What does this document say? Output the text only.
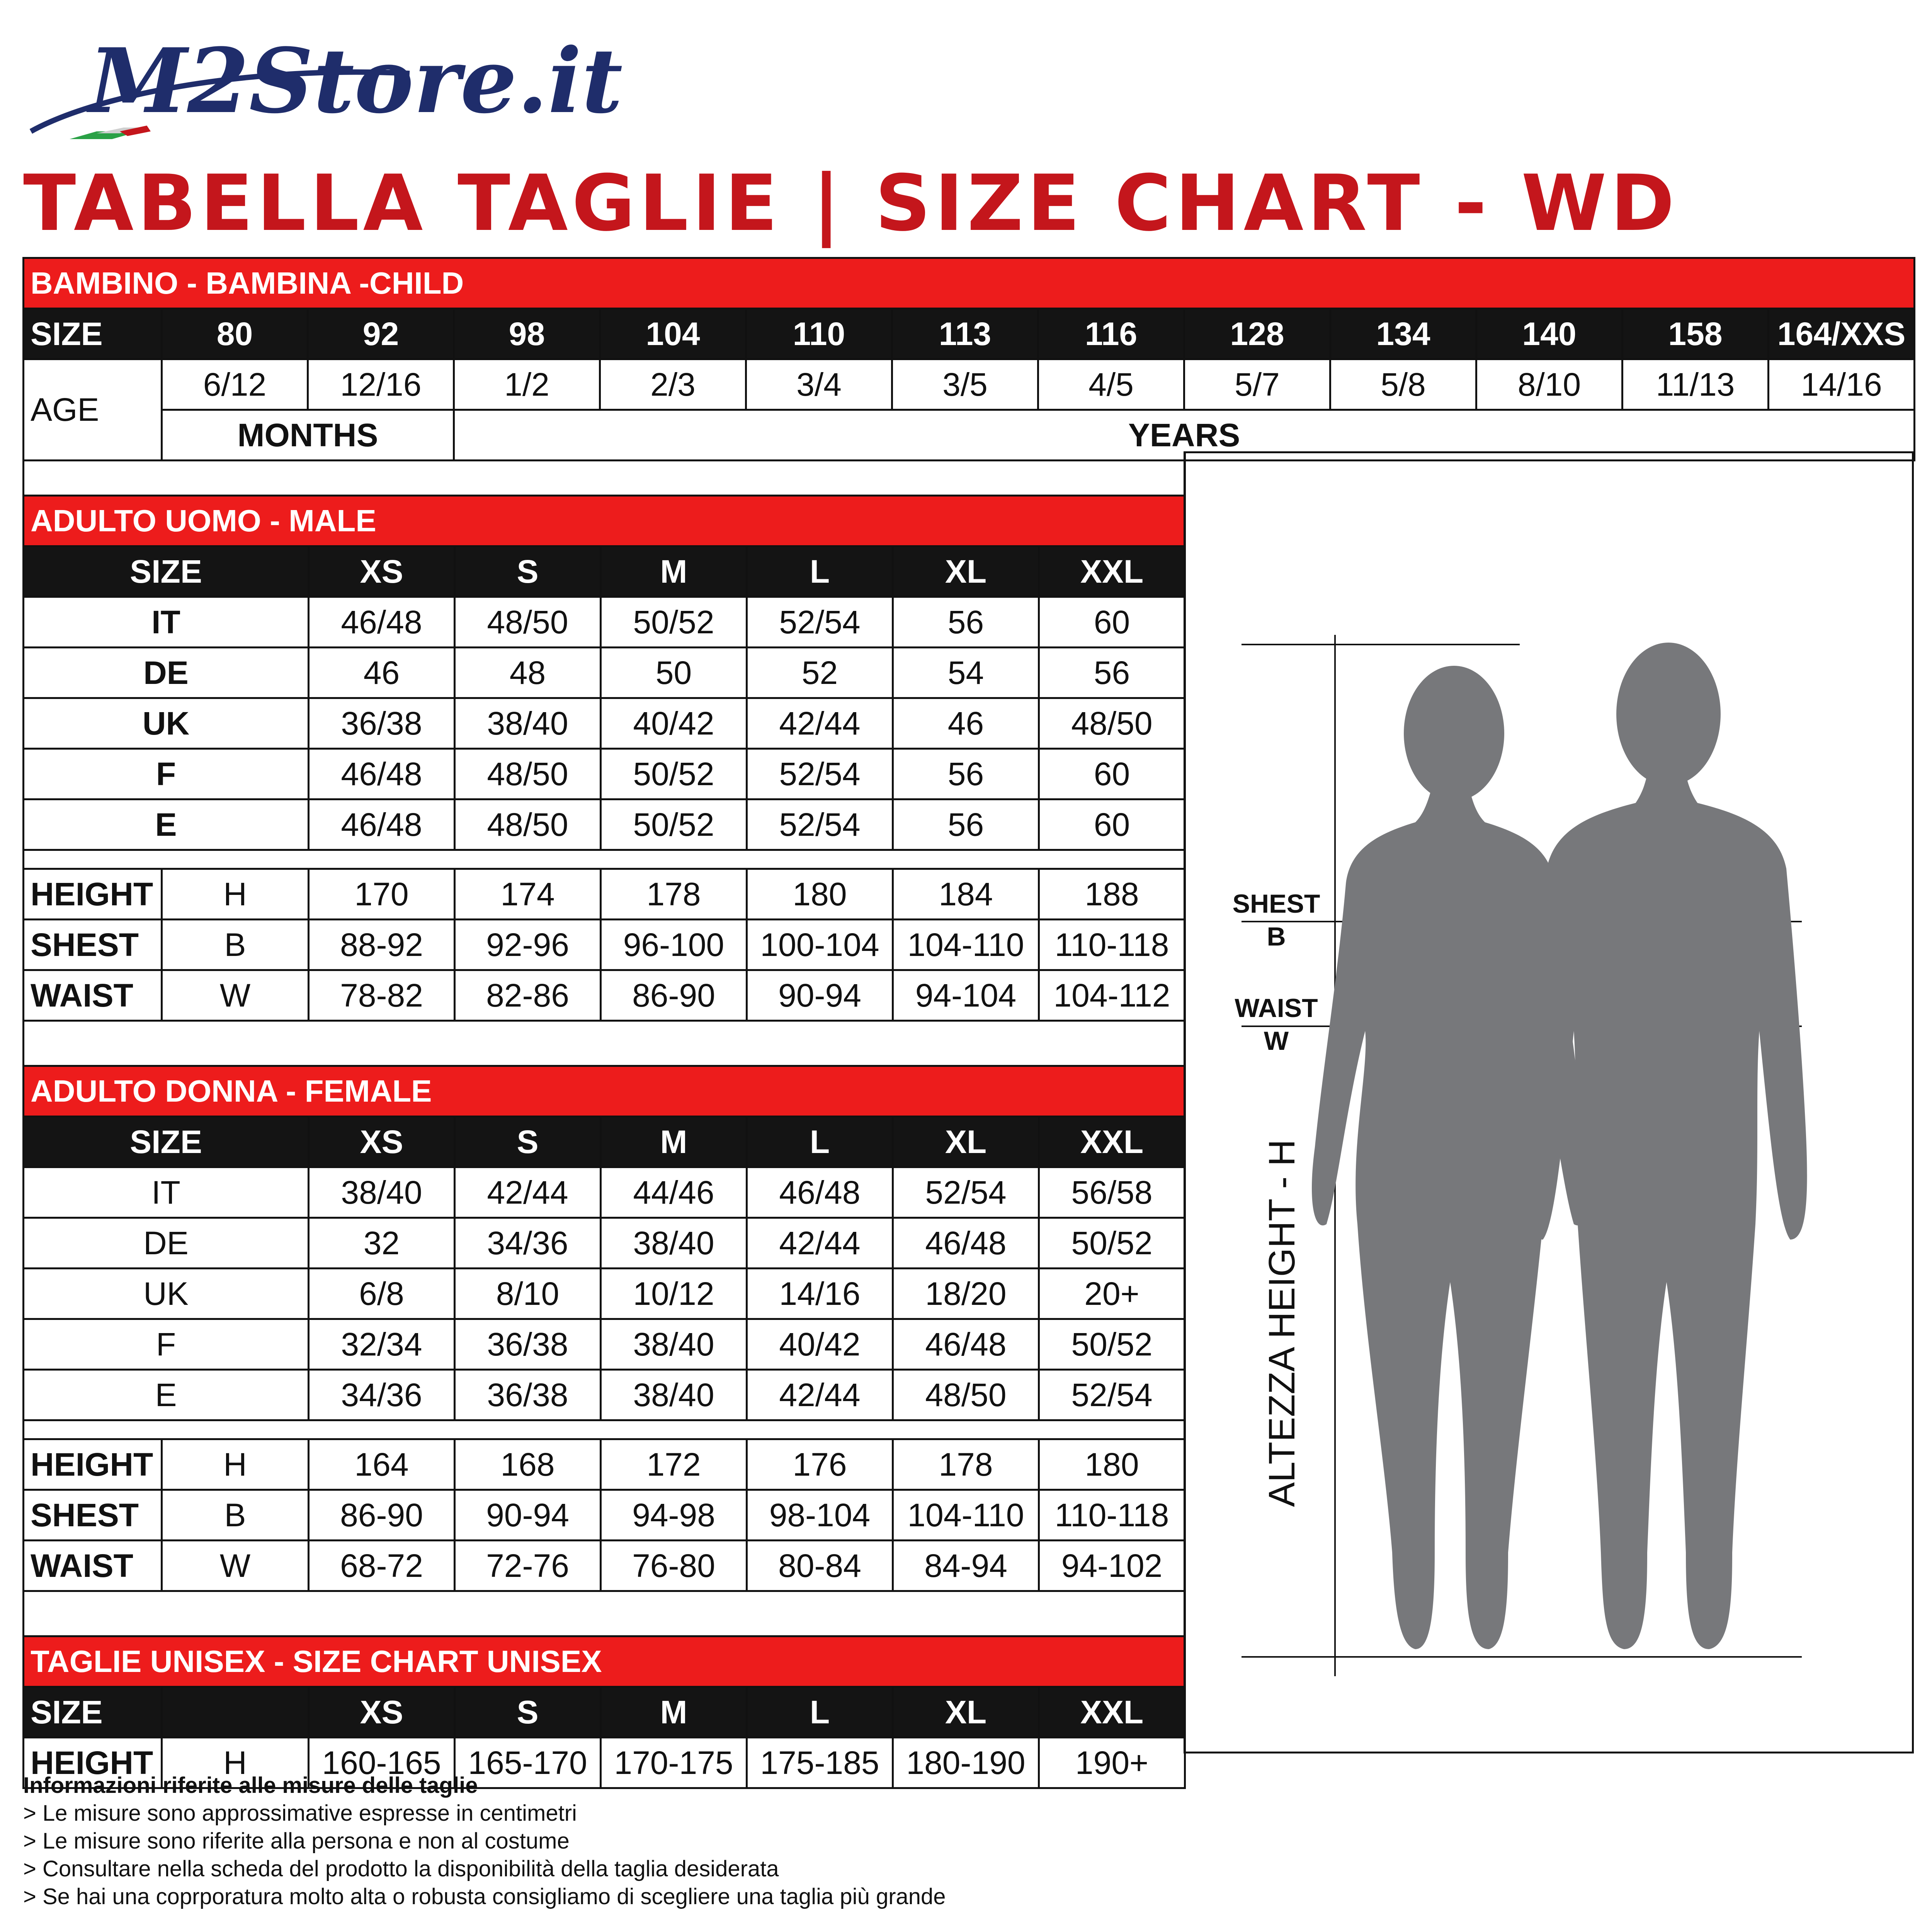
M2Store.it
TABELLA TAGLIE | SIZE CHART - WD
BAMBINO - BAMBINA -CHILD												
SIZE	80	92	98	104	110	113	116	128	134	140	158	164/XXS
AGE	6/12	12/16	1/2	2/3	3/4	3/5	4/5	5/7	5/8	8/10	11/13	14/16
	MONTHS		YEARS									

ADULTO UOMO - MALE							
SIZE		XS	S	M	L	XL	XXL
IT		46/48	48/50	50/52	52/54	56	60
DE		46	48	50	52	54	56
UK		36/38	38/40	40/42	42/44	46	48/50
F		46/48	48/50	50/52	52/54	56	60
E		46/48	48/50	50/52	52/54	56	60

HEIGHT	H	170	174	178	180	184	188
SHEST	B	88-92	92-96	96-100	100-104	104-110	110-118
WAIST	W	78-82	82-86	86-90	90-94	94-104	104-112

ADULTO DONNA - FEMALE							
SIZE		XS	S	M	L	XL	XXL
IT		38/40	42/44	44/46	46/48	52/54	56/58
DE		32	34/36	38/40	42/44	46/48	50/52
UK		6/8	8/10	10/12	14/16	18/20	20+
F		32/34	36/38	38/40	40/42	46/48	50/52
E		34/36	36/38	38/40	42/44	48/50	52/54

HEIGHT	H	164	168	172	176	178	180
SHEST	B	86-90	90-94	94-98	98-104	104-110	110-118
WAIST	W	68-72	72-76	76-80	80-84	84-94	94-102

TAGLIE UNISEX - SIZE CHART UNISEX							
SIZE		XS	S	M	L	XL	XXL
HEIGHT	H	160-165	165-170	170-175	175-185	180-190	190+
SHEST
B
WAIST
W
ALTEZZA HEIGHT - H
Informazioni riferite alle misure delle taglie
> Le misure sono approssimative espresse in centimetri
> Le misure sono riferite alla persona e non al costume
> Consultare nella scheda del prodotto la disponibilità della taglia desiderata
> Se hai una coprporatura molto alta o robusta consigliamo di scegliere una taglia più grande
